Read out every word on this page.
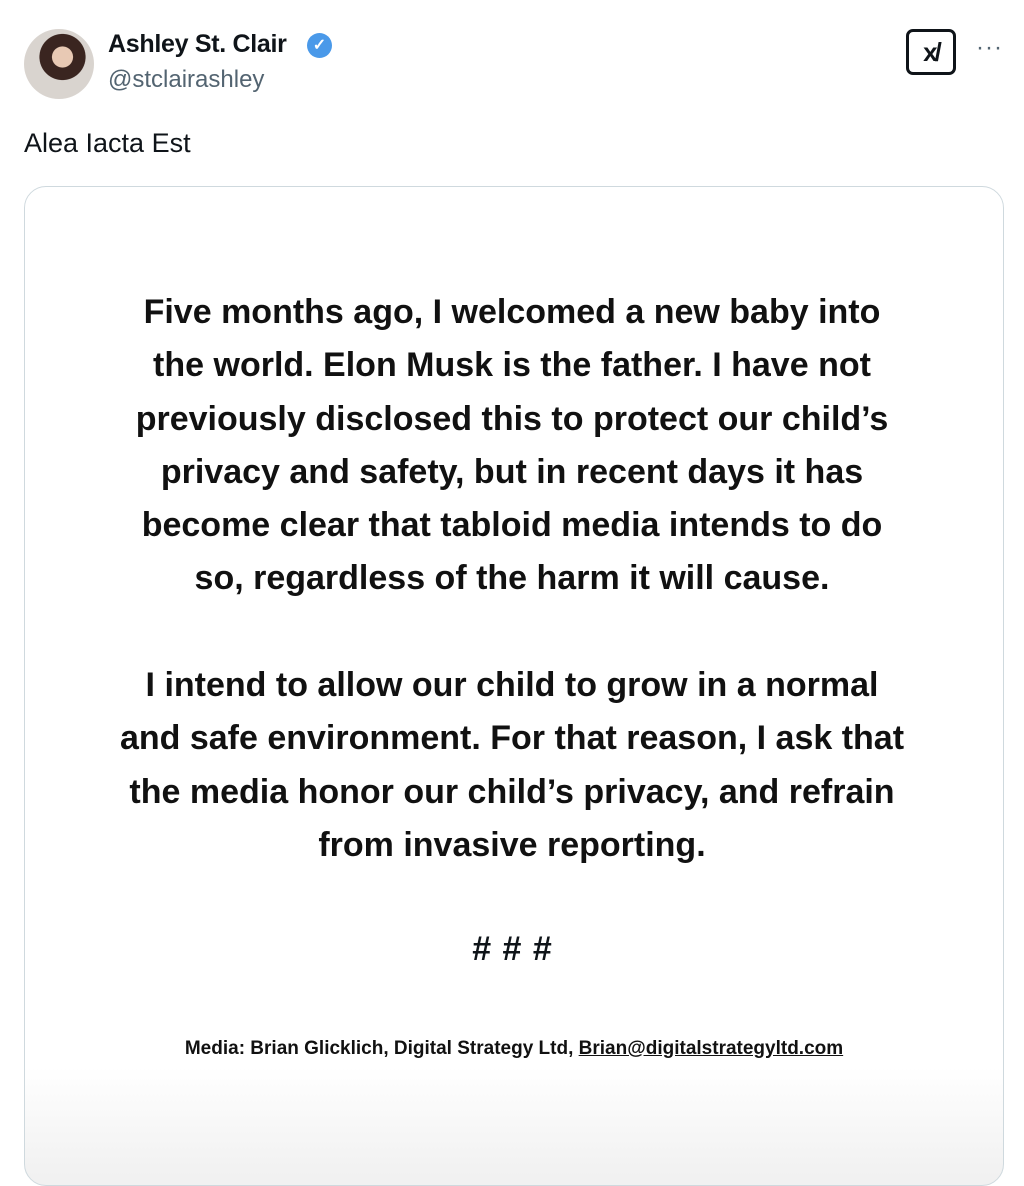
Ashley St. Clair	✓
@stclairashley
x/	···
Alea Iacta Est
Five months ago, I welcomed a new baby into
the world. Elon Musk is the father. I have not
previously disclosed this to protect our child’s
privacy and safety, but in recent days it has
become clear that tabloid media intends to do
so, regardless of the harm it will cause.
I intend to allow our child to grow in a normal
and safe environment. For that reason, I ask that
the media honor our child’s privacy, and refrain
from invasive reporting.
# # #
Media: Brian Glicklich, Digital Strategy Ltd, Brian@digitalstrategyltd.com
